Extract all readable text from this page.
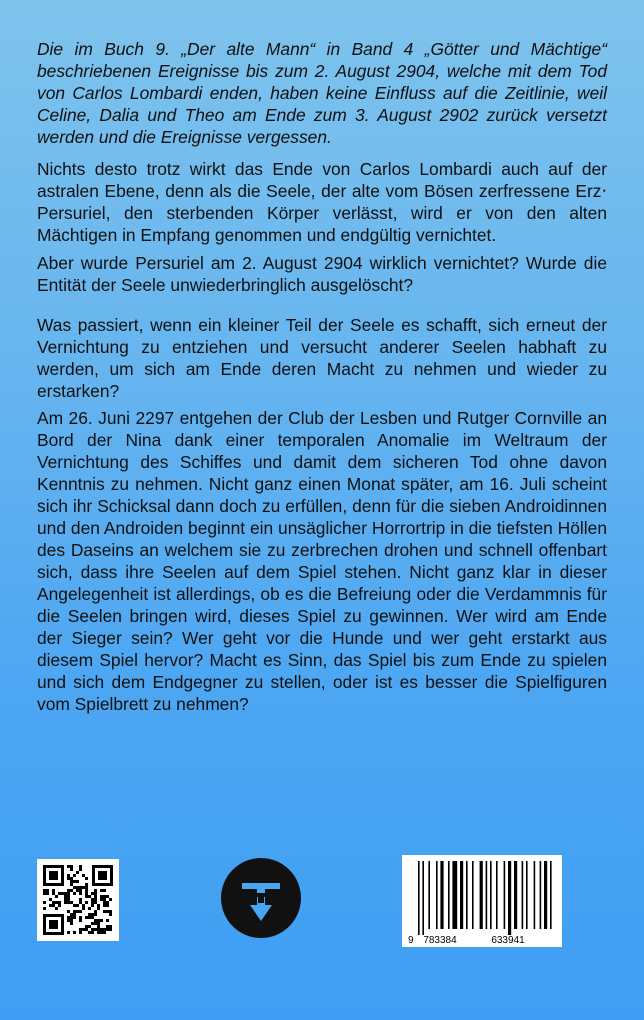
Die im Buch 9. „Der alte Mann“ in Band 4 „Götter und Mächtige“ beschriebenen Ereignisse bis zum 2. August 2904, welche mit dem Tod von Carlos Lombardi enden, haben keine Einfluss auf die Zeitlinie, weil Celine, Dalia und Theo am Ende zum 3. August 2902 zurück versetzt werden und die Ereignisse vergessen.

Nichts desto trotz wirkt das Ende von Carlos Lombardi auch auf der astralen Ebene, denn als die Seele, der alte vom Bösen zerfressene Erz‧Persuriel, den sterbenden Körper verlässt, wird er von den alten Mächtigen in Empfang genommen und endgültig vernichtet.

Aber wurde Persuriel am 2. August 2904 wirklich vernichtet? Wurde die Entität der Seele unwiederbringlich ausgelöscht?

Was passiert, wenn ein kleiner Teil der Seele es schafft, sich erneut der Vernichtung zu entziehen und versucht anderer Seelen habhaft zu werden, um sich am Ende deren Macht zu nehmen und wieder zu erstarken?

Am 26. Juni 2297 entgehen der Club der Lesben und Rutger Cornville an Bord der Nina dank einer temporalen Anomalie im Weltraum der Vernichtung des Schiffes und damit dem sicheren Tod ohne davon Kenntnis zu nehmen. Nicht ganz einen Monat später, am 16. Juli scheint sich ihr Schicksal dann doch zu erfüllen, denn für die sieben Androidinnen und den Androiden beginnt ein unsäglicher Horrortrip in die tiefsten Höllen des Daseins an welchem sie zu zerbrechen drohen und schnell offenbart sich, dass ihre Seelen auf dem Spiel stehen. Nicht ganz klar in dieser Angelegenheit ist allerdings, ob es die Befreiung oder die Verdammnis für die Seelen bringen wird, dieses Spiel zu gewinnen. Wer wird am Ende der Sieger sein? Wer geht vor die Hunde und wer geht erstarkt aus diesem Spiel hervor? Macht es Sinn, das Spiel bis zum Ende zu spielen und sich dem Endgegner zu stellen, oder ist es besser die Spielfiguren vom Spielbrett zu nehmen?

9 783384	633941
